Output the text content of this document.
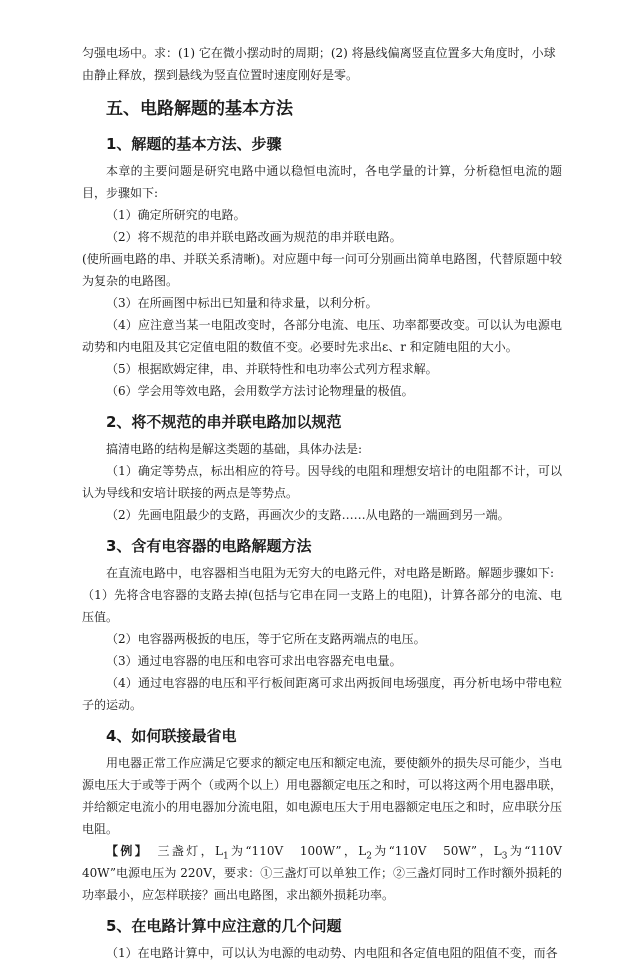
匀强电场中。求：(1) 它在微小摆动时的周期；(2) 将悬线偏离竖直位置多大角度时，小球

由静止释放，摆到悬线为竖直位置时速度刚好是零。

五、电路解题的基本方法
1、解题的基本方法、步骤

本章的主要问题是研究电路中通以稳恒电流时，各电学量的计算，分析稳恒电流的题目，步骤如下:

（1）确定所研究的电路。

（2）将不规范的串并联电路改画为规范的串并联电路。

(使所画电路的串、并联关系清晰)。对应题中每一问可分别画出简单电路图，代替原题中较为复杂的电路图。

（3）在所画图中标出已知量和待求量，以利分析。

（4）应注意当某一电阻改变时，各部分电流、电压、功率都要改变。可以认为电源电动势和内电阻及其它定值电阻的数值不变。必要时先求出ε、r 和定随电阻的大小。

（5）根据欧姆定律，串、并联特性和电功率公式列方程求解。

（6）学会用等效电路，会用数学方法讨论物理量的极值。

2、将不规范的串并联电路加以规范

搞清电路的结构是解这类题的基础，具体办法是:

（1）确定等势点，标出相应的符号。因导线的电阻和理想安培计的电阻都不计，可以认为导线和安培计联接的两点是等势点。

（2）先画电阻最少的支路，再画次少的支路……从电路的一端画到另一端。

3、含有电容器的电路解题方法

在直流电路中，电容器相当电阻为无穷大的电路元件，对电路是断路。解题步骤如下:

（1）先将含电容器的支路去掉(包括与它串在同一支路上的电阻)，计算各部分的电流、电压值。

（2）电容器两极扳的电压，等于它所在支路两端点的电压。

（3）通过电容器的电压和电容可求出电容器充电电量。

（4）通过电容器的电压和平行板间距离可求出两扳间电场强度，再分析电场中带电粒子的运动。

4、如何联接最省电

用电器正常工作应满足它要求的额定电压和额定电流，要使额外的损失尽可能少，当电源电压大于或等于两个（或两个以上）用电器额定电压之和时，可以将这两个用电器串联，并给额定电流小的用电器加分流电阻，如电源电压大于用电器额定电压之和时，应串联分压电阻。

【例】　 三盏灯，$L_1$为“110V　100W”，$L_2$为“110V　50W”，$L_3$为“110V　40W”电源电压为 220V，要求：①三盏灯可以单独工作；②三盏灯同时工作时额外损耗的功率最小，应怎样联接？画出电路图，求出额外损耗功率。

5、在电路计算中应注意的几个问题

（1）在电路计算中，可以认为电源的电动势、内电阻和各定值电阻的阻值不变，而各
